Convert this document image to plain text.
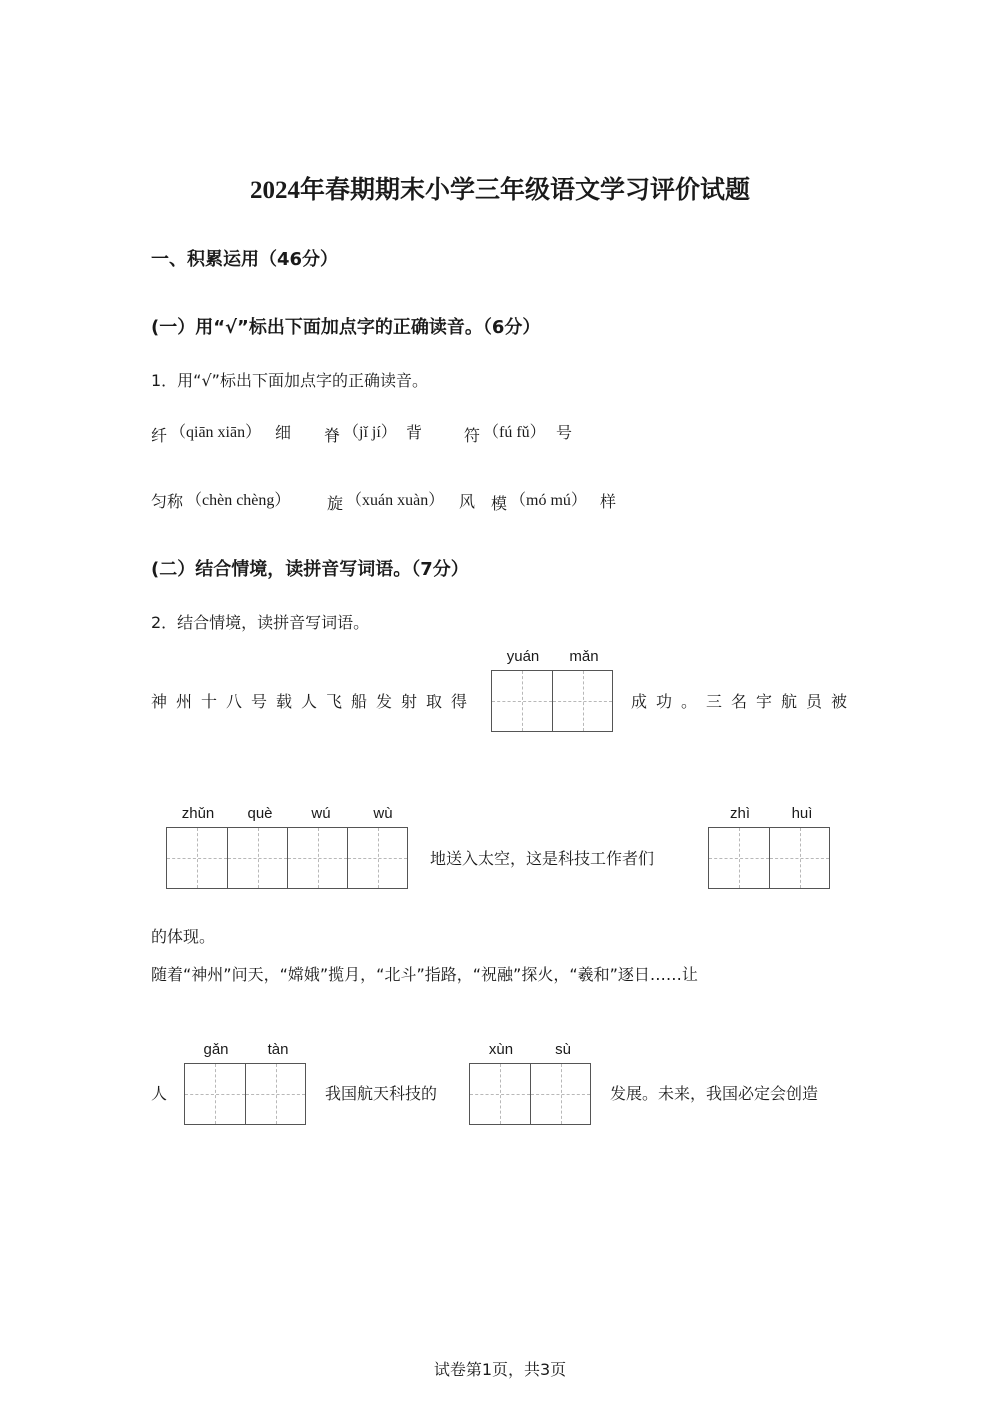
2024年春期期末小学三年级语文学习评价试题
一、积累运用（46分）
(一）用“√”标出下面加点字的正确读音。（6分）
1．用“√”标出下面加点字的正确读音。
纤 （qiān xiān） 细 脊 （jǐ jí） 背	符 （fú fǔ） 号
匀称 （chèn chèng） 旋 （xuán xuàn） 风 模 （mó mú） 样
(二）结合情境，读拼音写词语。（7分）
2．结合情境，读拼音写词语。
yuán	mǎn
神州十八号载人飞船发射取得	成功。三名宇航员被
zhǔn	què	wú	wù
地送入太空，这是科技工作者们
zhì	huì
的体现。
随着“神州”问天，“嫦娥”揽月，“北斗”指路，“祝融”探火，“羲和”逐日……让
人
gǎn	tàn
我国航天科技的
xùn	sù
发展。未来，我国必定会创造
试卷第1页，共3页
